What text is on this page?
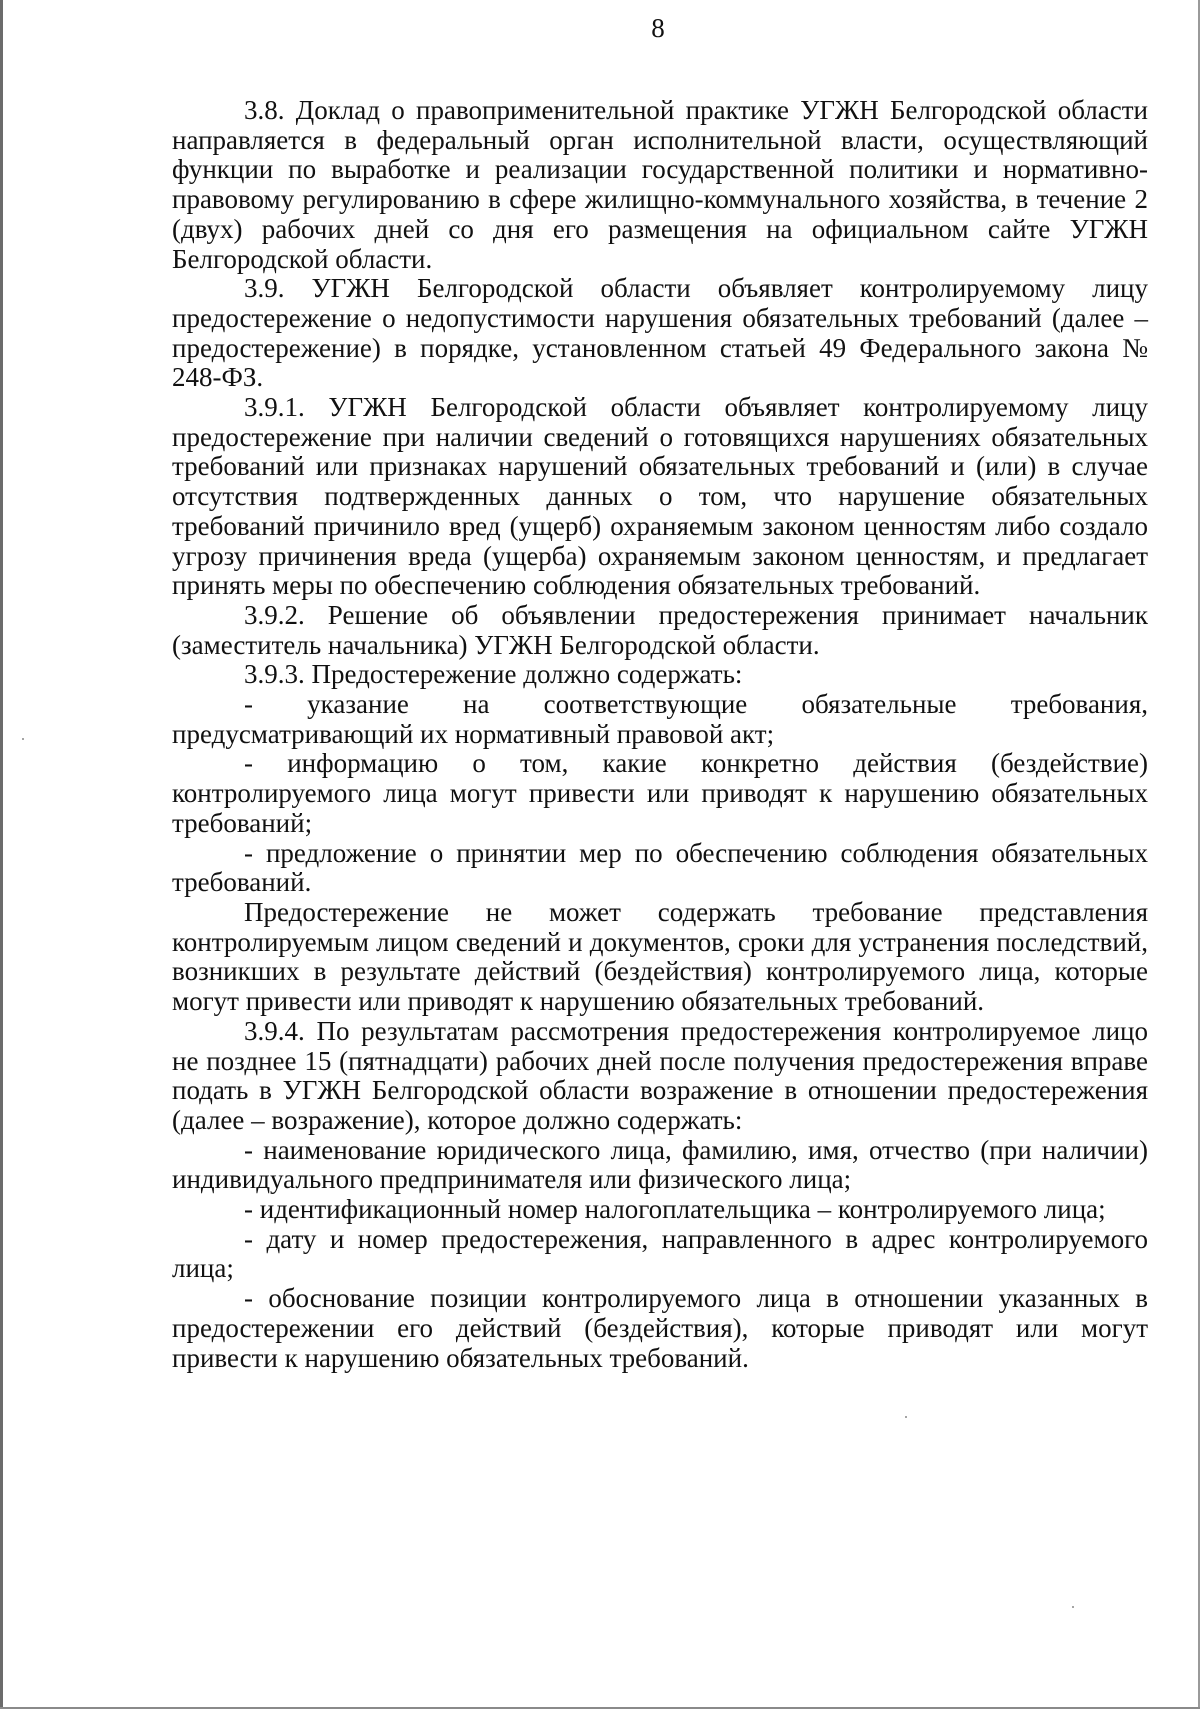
8

3.8. Доклад о правоприменительной практике УГЖН Белгородской области направляется в федеральный орган исполнительной власти, осуществляющий функции по выработке и реализации государственной политики и нормативно-правовому регулированию в сфере жилищно-коммунального хозяйства, в течение 2 (двух) рабочих дней со дня его размещения на официальном сайте УГЖН Белгородской области.

3.9. УГЖН Белгородской области объявляет контролируемому лицу предостережение о недопустимости нарушения обязательных требований (далее – предостережение) в порядке, установленном статьей 49 Федерального закона № 248-ФЗ.

3.9.1. УГЖН Белгородской области объявляет контролируемому лицу предостережение при наличии сведений о готовящихся нарушениях обязательных требований или признаках нарушений обязательных требований и (или) в случае отсутствия подтвержденных данных о том, что нарушение обязательных требований причинило вред (ущерб) охраняемым законом ценностям либо создало угрозу причинения вреда (ущерба) охраняемым законом ценностям, и предлагает принять меры по обеспечению соблюдения обязательных требований.

3.9.2. Решение об объявлении предостережения принимает начальник (заместитель начальника) УГЖН Белгородской области.

3.9.3. Предостережение должно содержать:

- указание на соответствующие обязательные требования, предусматривающий их нормативный правовой акт;

- информацию о том, какие конкретно действия (бездействие) контролируемого лица могут привести или приводят к нарушению обязательных требований;

- предложение о принятии мер по обеспечению соблюдения обязательных требований.

Предостережение не может содержать требование представления контролируемым лицом сведений и документов, сроки для устранения последствий, возникших в результате действий (бездействия) контролируемого лица, которые могут привести или приводят к нарушению обязательных требований.

3.9.4. По результатам рассмотрения предостережения контролируемое лицо не позднее 15 (пятнадцати) рабочих дней после получения предостережения вправе подать в УГЖН Белгородской области возражение в отношении предостережения (далее – возражение), которое должно содержать:

- наименование юридического лица, фамилию, имя, отчество (при наличии) индивидуального предпринимателя или физического лица;

- идентификационный номер налогоплательщика – контролируемого лица;

- дату и номер предостережения, направленного в адрес контролируемого лица;

- обоснование позиции контролируемого лица в отношении указанных в предостережении его действий (бездействия), которые приводят или могут привести к нарушению обязательных требований.
